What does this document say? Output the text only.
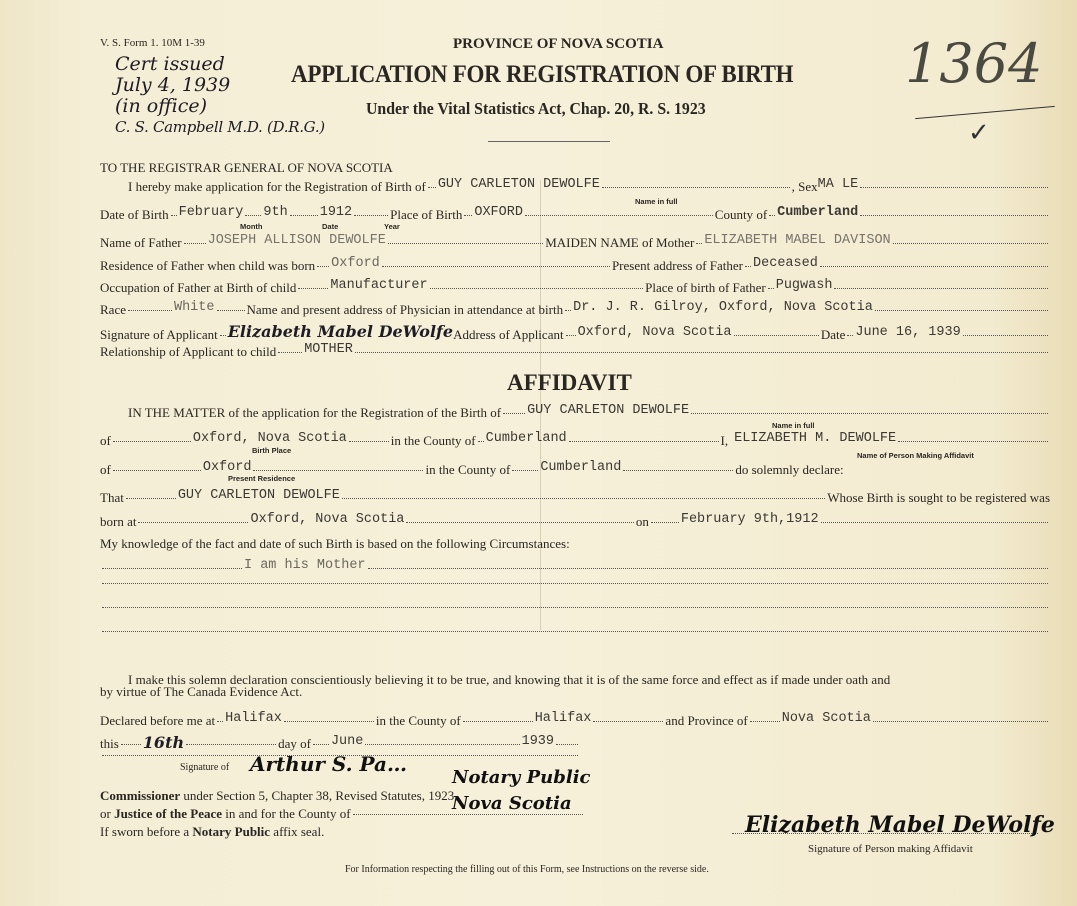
V. S. Form 1. 10M 1-39	PROVINCE OF NOVA SCOTIA
APPLICATION FOR REGISTRATION OF BIRTH
Under the Vital Statistics Act, Chap. 20, R. S. 1923
Cert issued
July 4, 1939
(in office)
C. S. Campbell M.D. (D.R.G.)
1364
✓
TO THE REGISTRAR GENERAL OF NOVA SCOTIA
I hereby make application for the Registration of Birth of GUY CARLETON DEWOLFE	, Sex MA LE
Name in full
Date of Birth February 9th 1912	Place of Birth OXFORD	County of Cumberland
Month	Date	Year
Name of Father JOSEPH ALLISON DEWOLFE	MAIDEN NAME of Mother ELIZABETH MABEL DAVISON
Residence of Father when child was born Oxford	Present address of Father Deceased
Occupation of Father at Birth of child	Manufacturer	Place of birth of Father Pugwash
Race	White Name and present address of Physician in attendance at birth Dr. J. R. Gilroy, Oxford, Nova Scotia
Signature of Applicant Elizabeth Mabel DeWolfe Address of Applicant Oxford, Nova Scotia	Date June 16, 1939
Relationship of Applicant to child MOTHER
AFFIDAVIT
IN THE MATTER of the application for the Registration of the Birth of GUY CARLETON DEWOLFE
Name in full
of	Oxford, Nova Scotia	in the County of Cumberland	I, ELIZABETH M. DEWOLFE
Birth Place
Name of Person Making Affidavit
of	Oxford	in the County of Cumberland	do solemnly declare:
Present Residence
That	GUY CARLETON DEWOLFE	Whose Birth is sought to be registered was
born at	Oxford, Nova Scotia	on February 9th,1912
My knowledge of the fact and date of such Birth is based on the following Circumstances:
I am his Mother
I make this solemn declaration conscientiously believing it to be true, and knowing that it is of the same force and effect as if made under oath and
by virtue of The Canada Evidence Act.
Declared before me at Halifax	in the County of	Halifax	and Province of	Nova Scotia
this 16th	day of June	1939
Signature of Arthur S. Pa…
Notary Public
Nova Scotia
Commissioner
under Section 5, Chapter 38, Revised Statutes, 1923,
or
Justice of the Peace
in and for the County of
If sworn before a
Notary Public
affix seal.	Elizabeth Mabel DeWolfe
Signature of Person making Affidavit
For Information respecting the filling out of this Form, see Instructions on the reverse side.
